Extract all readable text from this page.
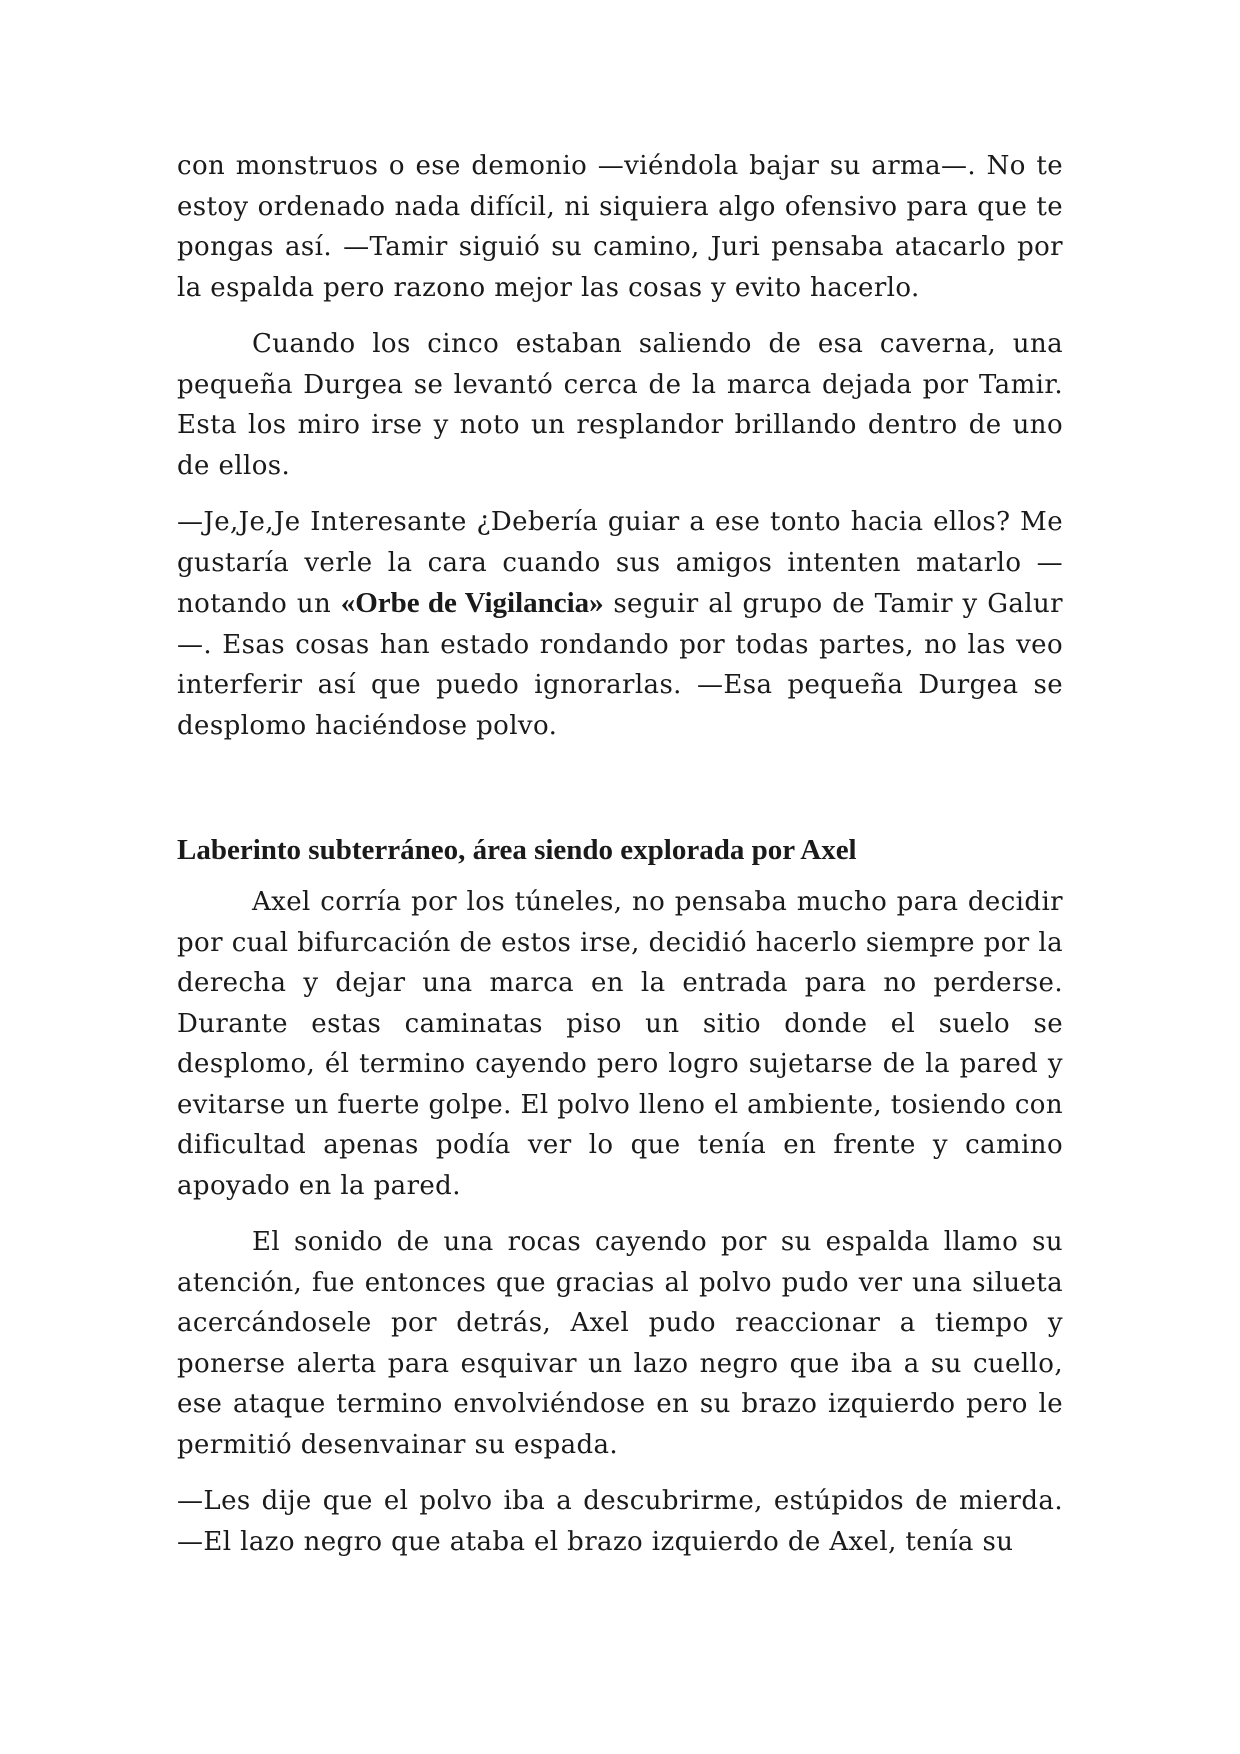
con monstruos o ese demonio —viéndola bajar su arma—. No te estoy ordenado nada difícil, ni siquiera algo ofensivo para que te pongas así. —Tamir siguió su camino, Juri pensaba atacarlo por la espalda pero razono mejor las cosas y evito hacerlo.

Cuando los cinco estaban saliendo de esa caverna, una pequeña Durgea se levantó cerca de la marca dejada por Tamir. Esta los miro irse y noto un resplandor brillando dentro de uno de ellos.

—Je,Je,Je Interesante ¿Debería guiar a ese tonto hacia ellos? Me gustaría verle la cara cuando sus amigos intenten matarlo —notando un «Orbe de Vigilancia» seguir al grupo de Tamir y Galur—. Esas cosas han estado rondando por todas partes, no las veo interferir así que puedo ignorarlas. —Esa pequeña Durgea se desplomo haciéndose polvo.

Laberinto subterráneo, área siendo explorada por Axel

Axel corría por los túneles, no pensaba mucho para decidir por cual bifurcación de estos irse, decidió hacerlo siempre por la derecha y dejar una marca en la entrada para no perderse. Durante estas caminatas piso un sitio donde el suelo se desplomo, él termino cayendo pero logro sujetarse de la pared y evitarse un fuerte golpe. El polvo lleno el ambiente, tosiendo con dificultad apenas podía ver lo que tenía en frente y camino apoyado en la pared.

El sonido de una rocas cayendo por su espalda llamo su atención, fue entonces que gracias al polvo pudo ver una silueta acercándosele por detrás, Axel pudo reaccionar a tiempo y ponerse alerta para esquivar un lazo negro que iba a su cuello, ese ataque termino envolviéndose en su brazo izquierdo pero le permitió desenvainar su espada.

—Les dije que el polvo iba a descubrirme, estúpidos de mierda. —El lazo negro que ataba el brazo izquierdo de Axel, tenía su
